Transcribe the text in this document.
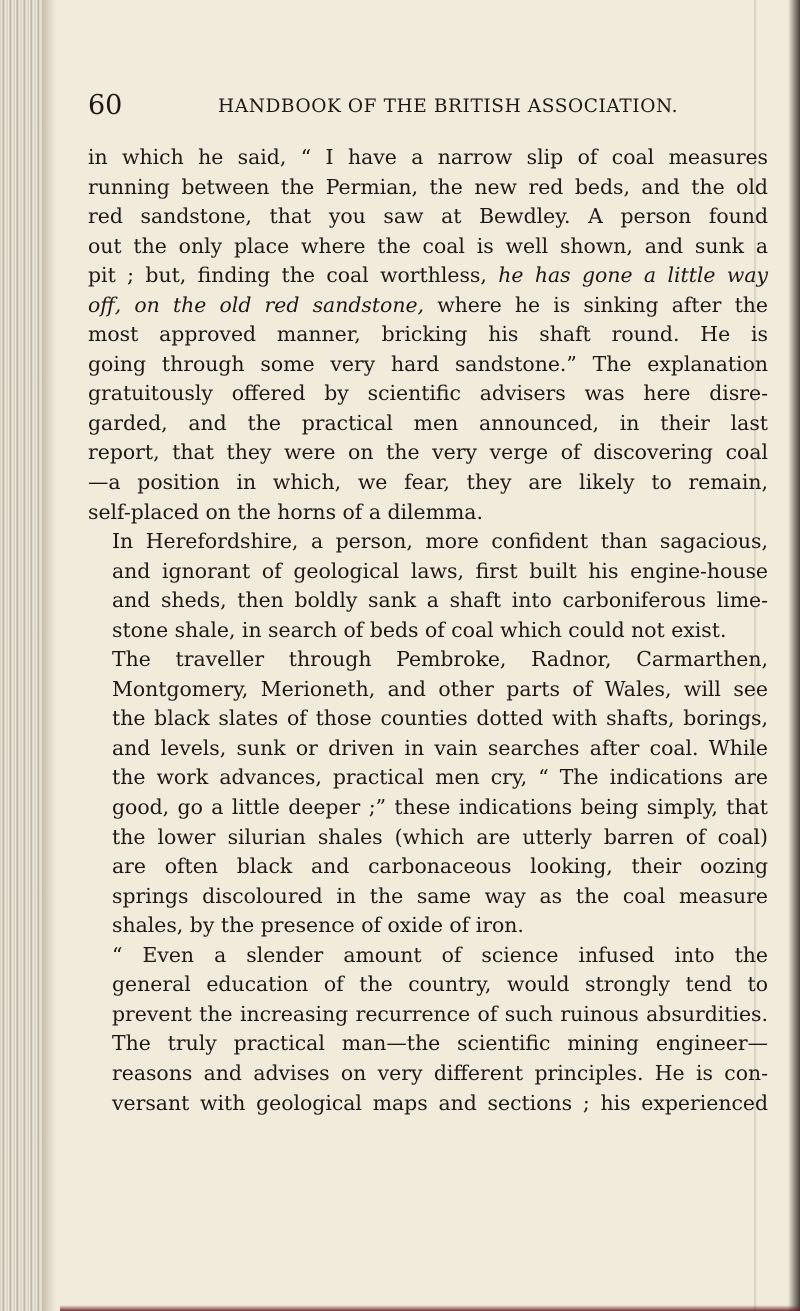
60	HANDBOOK OF THE BRITISH ASSOCIATION.

in which he said, “ I have a narrow slip of coal measures
running between the Permian, the new red beds, and the old
red sandstone, that you saw at Bewdley. A person found
out the only place where the coal is well shown, and sunk a
pit ; but, finding the coal worthless, he has gone a little way
off, on the old red sandstone, where he is sinking after the
most approved manner, bricking his shaft round. He is
going through some very hard sandstone.” The explanation
gratuitously offered by scientific advisers was here disre-
garded, and the practical men announced, in their last
report, that they were on the very verge of discovering coal
—a position in which, we fear, they are likely to remain,
self-placed on the horns of a dilemma.

In Herefordshire, a person, more confident than sagacious,
and ignorant of geological laws, first built his engine-house
and sheds, then boldly sank a shaft into carboniferous lime-
stone shale, in search of beds of coal which could not exist.

The traveller through Pembroke, Radnor, Carmarthen,
Montgomery, Merioneth, and other parts of Wales, will see
the black slates of those counties dotted with shafts, borings,
and levels, sunk or driven in vain searches after coal. While
the work advances, practical men cry, “ The indications are
good, go a little deeper ;” these indications being simply, that
the lower silurian shales (which are utterly barren of coal)
are often black and carbonaceous looking, their oozing
springs discoloured in the same way as the coal measure
shales, by the presence of oxide of iron.

“ Even a slender amount of science infused into the
general education of the country, would strongly tend to
prevent the increasing recurrence of such ruinous absurdities.
The truly practical man—the scientific mining engineer—
reasons and advises on very different principles. He is con-
versant with geological maps and sections ; his experienced
